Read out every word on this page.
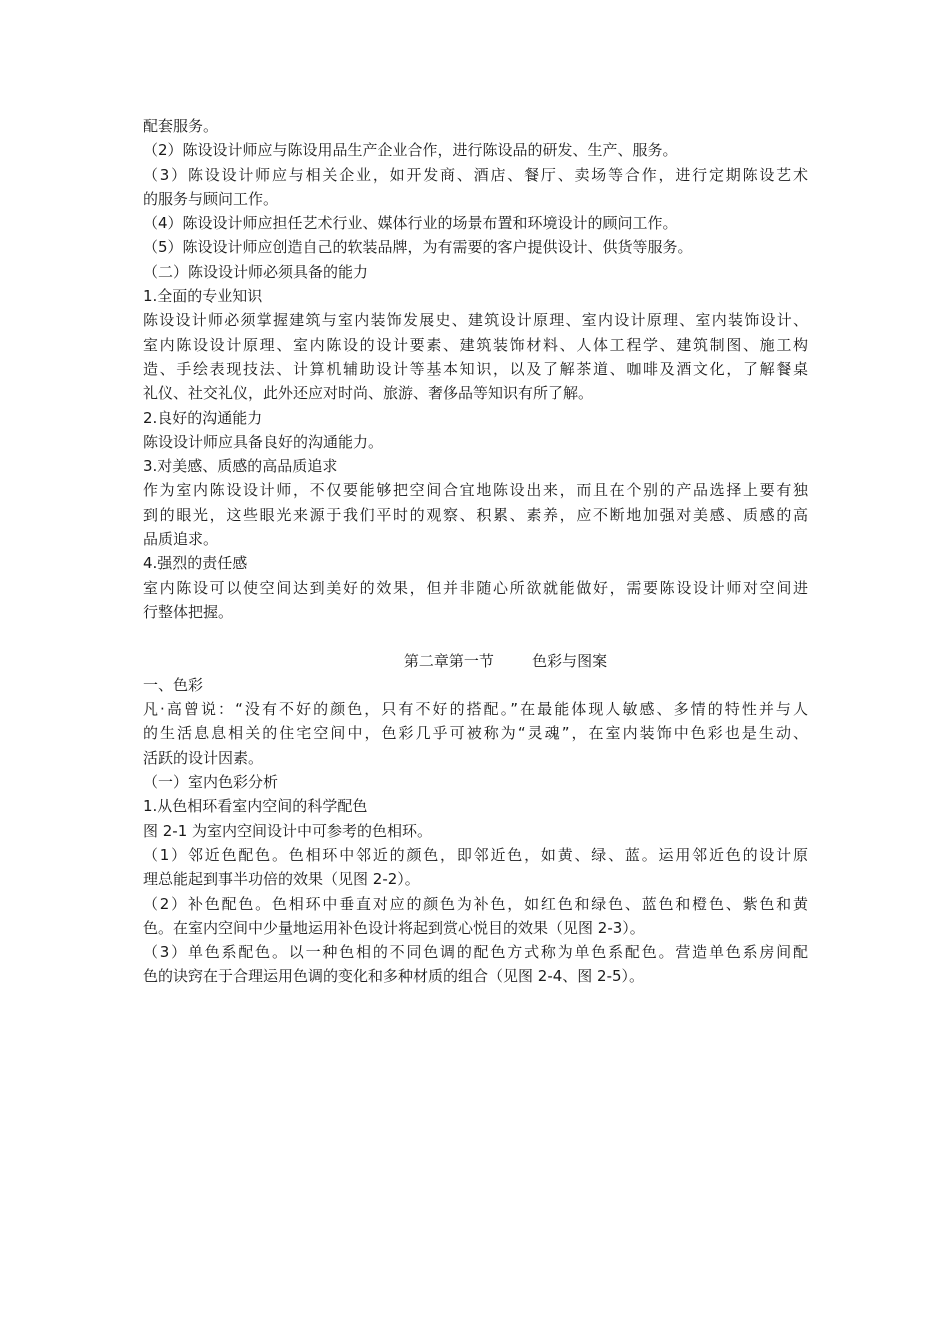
配套服务。

（2）陈设设计师应与陈设用品生产企业合作，进行陈设品的研发、生产、服务。

（3）陈设设计师应与相关企业，如开发商、酒店、餐厅、卖场等合作，进行定期陈设艺术

的服务与顾问工作。

（4）陈设设计师应担任艺术行业、媒体行业的场景布置和环境设计的顾问工作。

（5）陈设设计师应创造自己的软装品牌，为有需要的客户提供设计、供货等服务。

（二）陈设设计师必须具备的能力

1.全面的专业知识

陈设设计师必须掌握建筑与室内装饰发展史、建筑设计原理、室内设计原理、室内装饰设计、

室内陈设设计原理、室内陈设的设计要素、建筑装饰材料、人体工程学、建筑制图、施工构

造、手绘表现技法、计算机辅助设计等基本知识，以及了解茶道、咖啡及酒文化，了解餐桌

礼仪、社交礼仪，此外还应对时尚、旅游、奢侈品等知识有所了解。

2.良好的沟通能力

陈设设计师应具备良好的沟通能力。

3.对美感、质感的高品质追求

作为室内陈设设计师，不仅要能够把空间合宜地陈设出来，而且在个别的产品选择上要有独

到的眼光，这些眼光来源于我们平时的观察、积累、素养，应不断地加强对美感、质感的高

品质追求。

4.强烈的责任感

室内陈设可以使空间达到美好的效果，但并非随心所欲就能做好，需要陈设设计师对空间进

行整体把握。

第二章第一节        色彩与图案

一、色彩

凡·高曾说：“没有不好的颜色，只有不好的搭配。”在最能体现人敏感、多情的特性并与人

的生活息息相关的住宅空间中，色彩几乎可被称为“灵魂”，在室内装饰中色彩也是生动、

活跃的设计因素。

（一）室内色彩分析

1.从色相环看室内空间的科学配色

图 2-1 为室内空间设计中可参考的色相环。

（1）邻近色配色。色相环中邻近的颜色，即邻近色，如黄、绿、蓝。运用邻近色的设计原

理总能起到事半功倍的效果（见图 2-2）。

（2）补色配色。色相环中垂直对应的颜色为补色，如红色和绿色、蓝色和橙色、紫色和黄

色。在室内空间中少量地运用补色设计将起到赏心悦目的效果（见图 2-3）。

（3）单色系配色。以一种色相的不同色调的配色方式称为单色系配色。营造单色系房间配

色的诀窍在于合理运用色调的变化和多种材质的组合（见图 2-4、图 2-5）。
